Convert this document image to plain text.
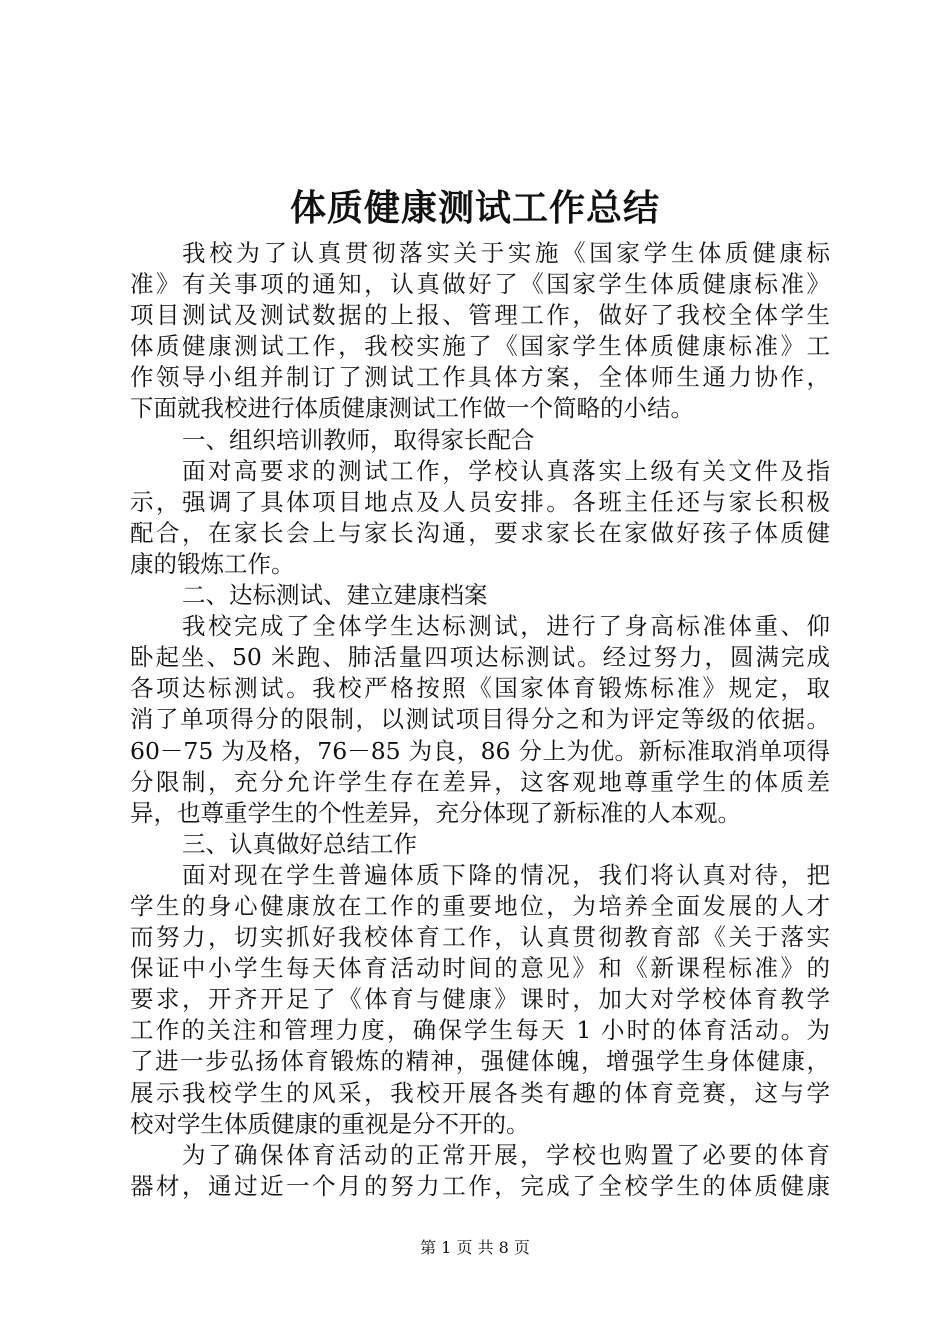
体质健康测试工作总结
我校为了认真贯彻落实关于实施《国家学生体质健康标
准》有关事项的通知，认真做好了《国家学生体质健康标准》
项目测试及测试数据的上报、管理工作，做好了我校全体学生
体质健康测试工作，我校实施了《国家学生体质健康标准》工
作领导小组并制订了测试工作具体方案，全体师生通力协作，
下面就我校进行体质健康测试工作做一个简略的小结。
一、组织培训教师，取得家长配合
面对高要求的测试工作，学校认真落实上级有关文件及指
示，强调了具体项目地点及人员安排。各班主任还与家长积极
配合，在家长会上与家长沟通，要求家长在家做好孩子体质健
康的锻炼工作。
二、达标测试、建立建康档案
我校完成了全体学生达标测试，进行了身高标准体重、仰
卧起坐、50 米跑、肺活量四项达标测试。经过努力，圆满完成
各项达标测试。我校严格按照《国家体育锻炼标准》规定，取
消了单项得分的限制，以测试项目得分之和为评定等级的依据。
60－75 为及格，76－85 为良，86 分上为优。新标准取消单项得
分限制，充分允许学生存在差异，这客观地尊重学生的体质差
异，也尊重学生的个性差异，充分体现了新标准的人本观。
三、认真做好总结工作
面对现在学生普遍体质下降的情况，我们将认真对待，把
学生的身心健康放在工作的重要地位，为培养全面发展的人才
而努力，切实抓好我校体育工作，认真贯彻教育部《关于落实
保证中小学生每天体育活动时间的意见》和《新课程标准》的
要求，开齐开足了《体育与健康》课时，加大对学校体育教学
工作的关注和管理力度，确保学生每天 1 小时的体育活动。为
了进一步弘扬体育锻炼的精神，强健体魄，增强学生身体健康，
展示我校学生的风采，我校开展各类有趣的体育竞赛，这与学
校对学生体质健康的重视是分不开的。
为了确保体育活动的正常开展，学校也购置了必要的体育
器材，通过近一个月的努力工作，完成了全校学生的体质健康
第 1 页 共 8 页
